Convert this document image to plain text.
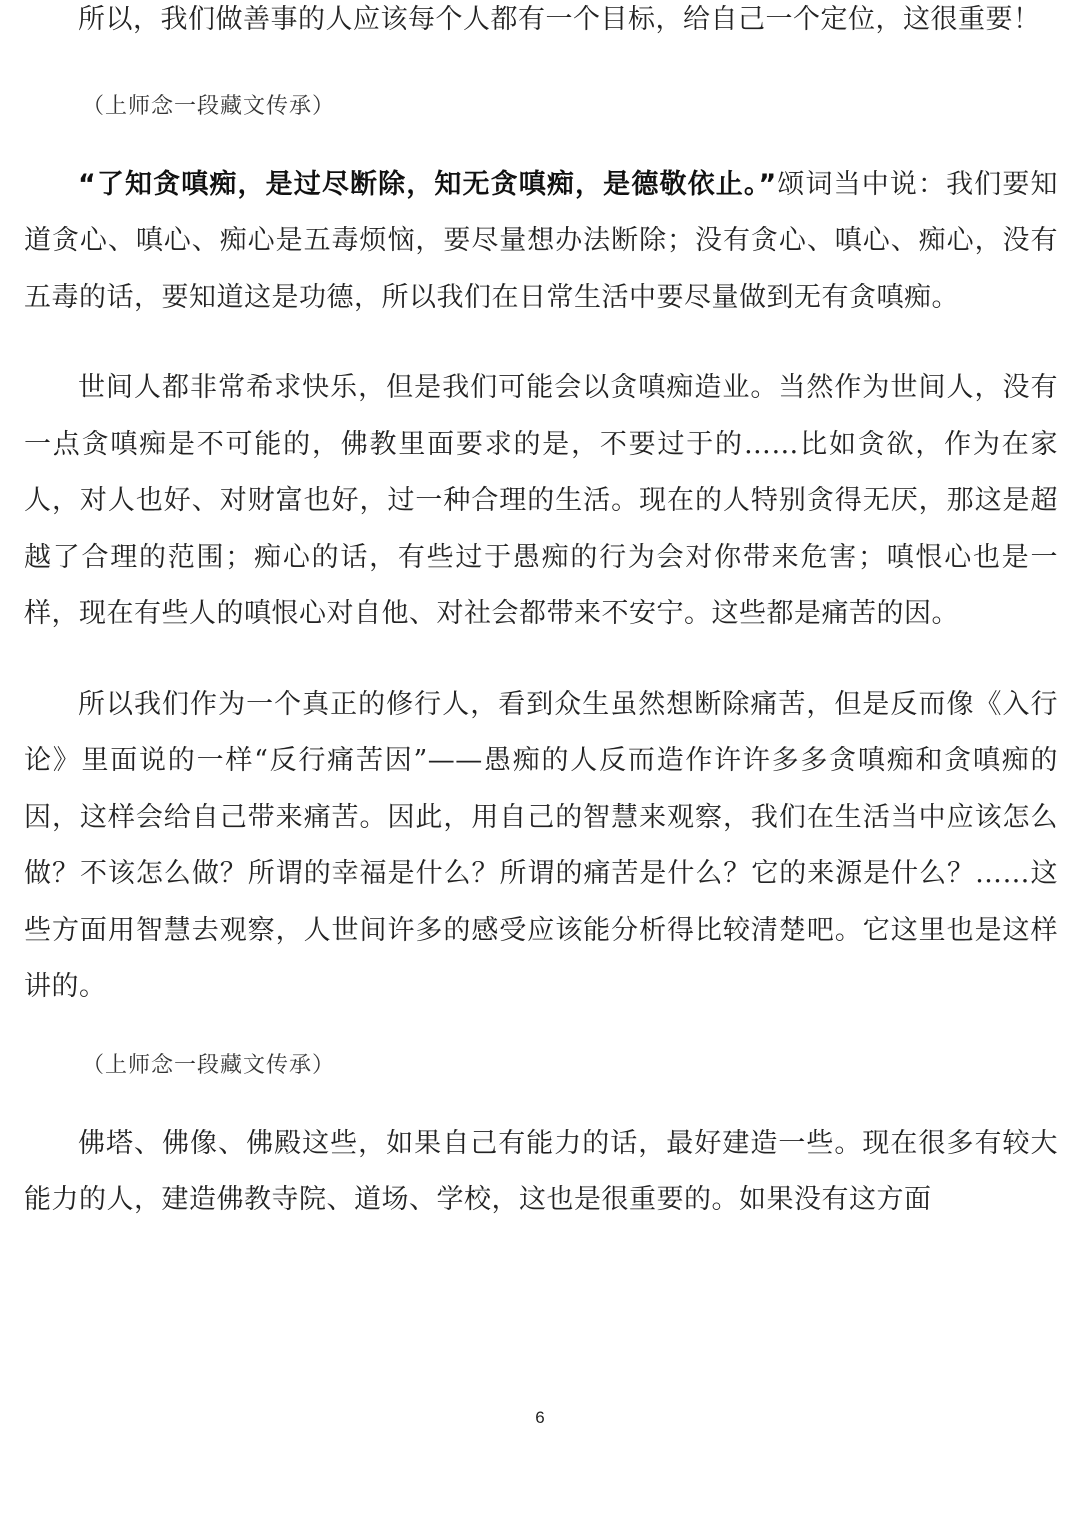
所以，我们做善事的人应该每个人都有一个目标，给自己一个定位，这很重要！

（上师念一段藏文传承）

“了知贪嗔痴，是过尽断除，知无贪嗔痴，是德敬依止。”颂词当中说：我们要知道贪心、嗔心、痴心是五毒烦恼，要尽量想办法断除；没有贪心、嗔心、痴心，没有五毒的话，要知道这是功德，所以我们在日常生活中要尽量做到无有贪嗔痴。

世间人都非常希求快乐，但是我们可能会以贪嗔痴造业。当然作为世间人，没有一点贪嗔痴是不可能的，佛教里面要求的是，不要过于的……比如贪欲，作为在家人，对人也好、对财富也好，过一种合理的生活。现在的人特别贪得无厌，那这是超越了合理的范围；痴心的话，有些过于愚痴的行为会对你带来危害；嗔恨心也是一样，现在有些人的嗔恨心对自他、对社会都带来不安宁。这些都是痛苦的因。

所以我们作为一个真正的修行人，看到众生虽然想断除痛苦，但是反而像《入行论》里面说的一样“反行痛苦因”——愚痴的人反而造作许许多多贪嗔痴和贪嗔痴的因，这样会给自己带来痛苦。因此，用自己的智慧来观察，我们在生活当中应该怎么做？不该怎么做？所谓的幸福是什么？所谓的痛苦是什么？它的来源是什么？……这些方面用智慧去观察，人世间许多的感受应该能分析得比较清楚吧。它这里也是这样讲的。

（上师念一段藏文传承）

佛塔、佛像、佛殿这些，如果自己有能力的话，最好建造一些。现在很多有较大能力的人，建造佛教寺院、道场、学校，这也是很重要的。如果没有这方面

6
